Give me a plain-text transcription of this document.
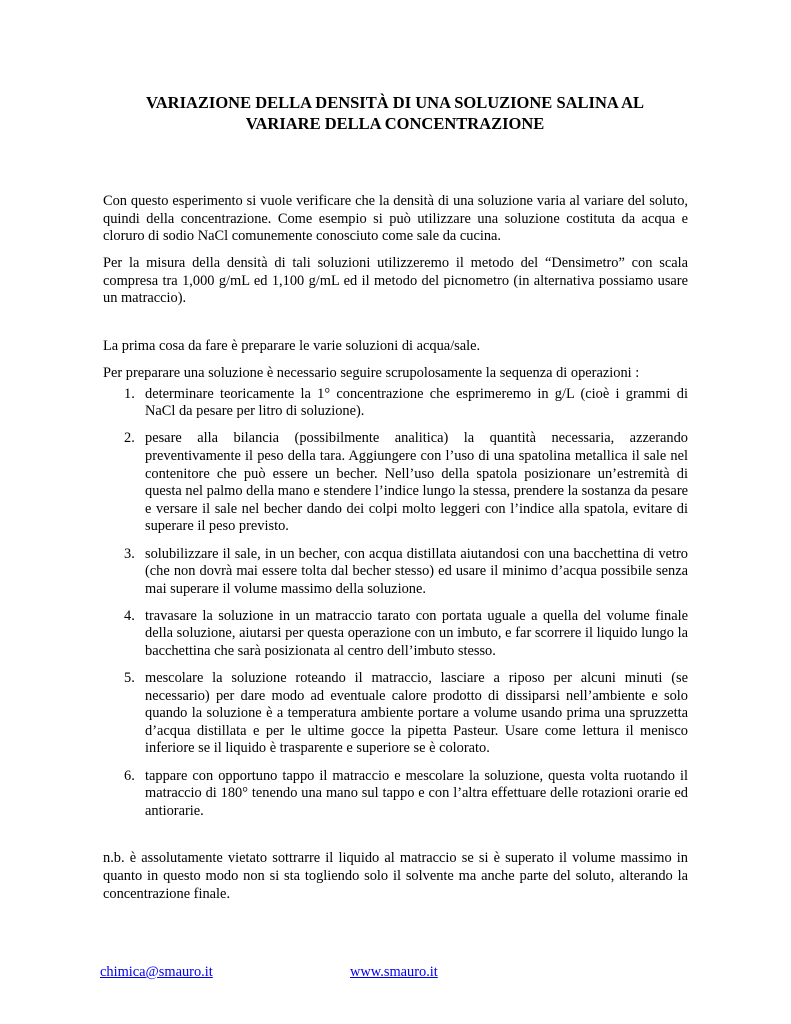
VARIAZIONE DELLA DENSITÀ DI UNA SOLUZIONE SALINA AL
VARIARE DELLA CONCENTRAZIONE

Con questo esperimento si vuole verificare che la densità di una soluzione varia al variare del soluto, quindi della concentrazione. Come esempio si può utilizzare una soluzione costituta da acqua e cloruro di sodio NaCl comunemente conosciuto come sale da cucina.

Per la misura della densità di tali soluzioni utilizzeremo il metodo del “Densimetro” con scala compresa tra 1,000 g/mL ed 1,100 g/mL ed il metodo del picnometro (in alternativa possiamo usare un matraccio).

La prima cosa da fare è preparare le varie soluzioni di acqua/sale.

Per preparare una soluzione è necessario seguire scrupolosamente la sequenza di operazioni :

1. determinare teoricamente la 1° concentrazione che esprimeremo in g/L (cioè i grammi di NaCl da pesare per litro di soluzione).
2. pesare alla bilancia (possibilmente analitica) la quantità necessaria, azzerando preventivamente il peso della tara. Aggiungere con l’uso di una spatolina metallica il sale nel contenitore che può essere un becher. Nell’uso della spatola posizionare un’estremità di questa nel palmo della mano e stendere l’indice lungo la stessa, prendere la sostanza da pesare e versare il sale nel becher dando dei colpi molto leggeri con l’indice alla spatola, evitare di superare il peso previsto.
3. solubilizzare il sale, in un becher, con acqua distillata aiutandosi con una bacchettina di vetro (che non dovrà mai essere tolta dal becher stesso) ed usare il minimo d’acqua possibile senza mai superare il volume massimo della soluzione.
4. travasare la soluzione in un matraccio tarato con portata uguale a quella del volume finale della soluzione, aiutarsi per questa operazione con un imbuto, e far scorrere il liquido lungo la bacchettina che sarà posizionata al centro dell’imbuto stesso.
5. mescolare la soluzione roteando il matraccio, lasciare a riposo per alcuni minuti (se necessario) per dare modo ad eventuale calore prodotto di dissiparsi nell’ambiente e solo quando la soluzione è a temperatura ambiente portare a volume usando prima una spruzzetta d’acqua distillata e per le ultime gocce la pipetta Pasteur. Usare come lettura il menisco inferiore se il liquido è trasparente e superiore se è colorato.
6. tappare con opportuno tappo il matraccio e mescolare la soluzione, questa volta ruotando il matraccio di 180° tenendo una mano sul tappo e con l’altra effettuare delle rotazioni orarie ed antiorarie.

n.b. è assolutamente vietato sottrarre il liquido al matraccio se si è superato il volume massimo in quanto in questo modo non si sta togliendo solo il solvente ma anche parte del soluto, alterando la concentrazione finale.

chimica@smauro.it	www.smauro.it
